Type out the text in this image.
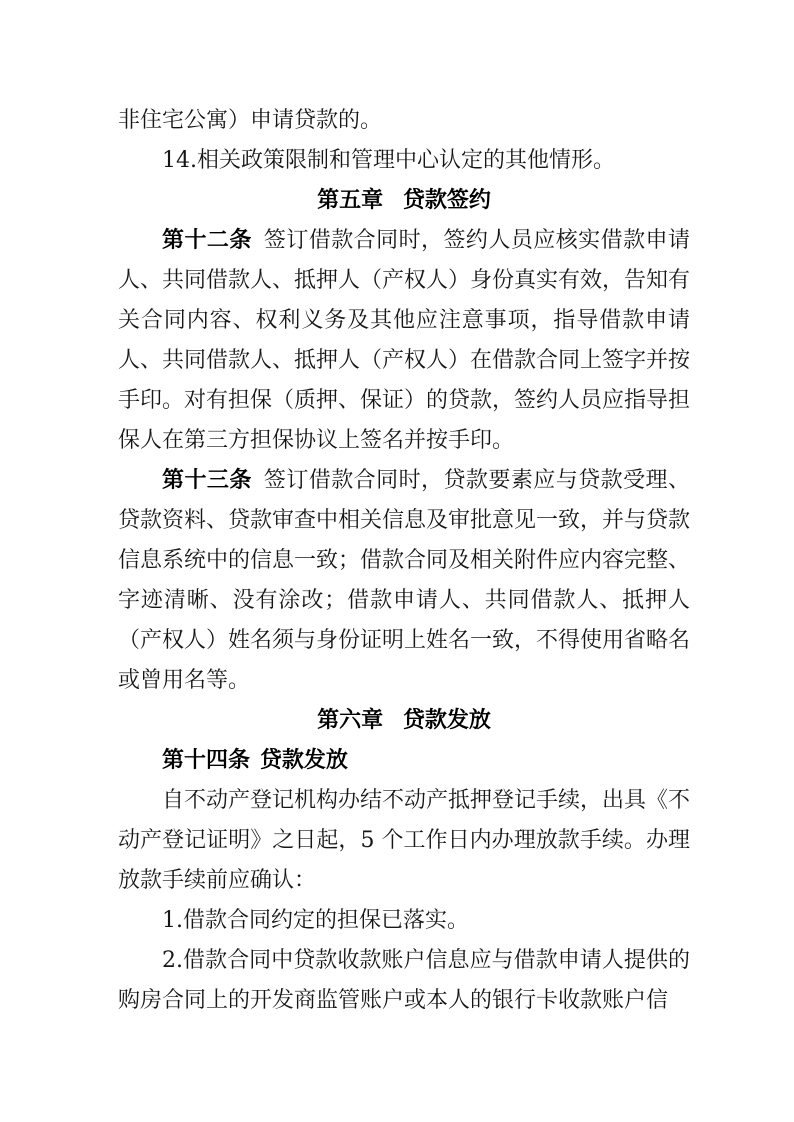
非住宅公寓）申请贷款的。

14.相关政策限制和管理中心认定的其他情形。

第五章 贷款签约

第十二条 签订借款合同时，签约人员应核实借款申请人、共同借款人、抵押人（产权人）身份真实有效，告知有关合同内容、权利义务及其他应注意事项，指导借款申请人、共同借款人、抵押人（产权人）在借款合同上签字并按手印。对有担保（质押、保证）的贷款，签约人员应指导担保人在第三方担保协议上签名并按手印。

第十三条 签订借款合同时，贷款要素应与贷款受理、贷款资料、贷款审查中相关信息及审批意见一致，并与贷款信息系统中的信息一致；借款合同及相关附件应内容完整、字迹清晰、没有涂改；借款申请人、共同借款人、抵押人（产权人）姓名须与身份证明上姓名一致，不得使用省略名或曾用名等。

第六章 贷款发放

第十四条 贷款发放

自不动产登记机构办结不动产抵押登记手续，出具《不动产登记证明》之日起，5 个工作日内办理放款手续。办理放款手续前应确认：

1.借款合同约定的担保已落实。

2.借款合同中贷款收款账户信息应与借款申请人提供的购房合同上的开发商监管账户或本人的银行卡收款账户信
